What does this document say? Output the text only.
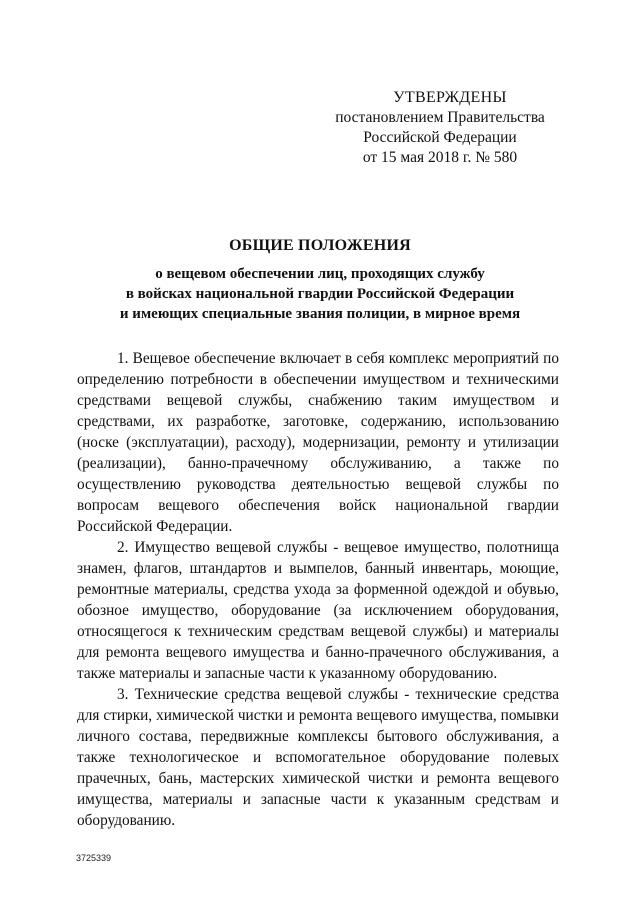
УТВЕРЖДЕНЫ
постановлением Правительства
Российской Федерации
от 15 мая 2018 г. № 580
ОБЩИЕ ПОЛОЖЕНИЯ
о вещевом обеспечении лиц, проходящих службу
в войсках национальной гвардии Российской Федерации
и имеющих специальные звания полиции, в мирное время

1. Вещевое обеспечение включает в себя комплекс мероприятий по определению потребности в обеспечении имуществом и техническими средствами вещевой службы, снабжению таким имуществом и средствами, их разработке, заготовке, содержанию, использованию (носке (эксплуатации), расходу), модернизации, ремонту и утилизации (реализации), банно-прачечному обслуживанию, а также по осуществлению руководства деятельностью вещевой службы по вопросам вещевого обеспечения войск национальной гвардии Российской Федерации.

2. Имущество вещевой службы - вещевое имущество, полотнища знамен, флагов, штандартов и вымпелов, банный инвентарь, моющие, ремонтные материалы, средства ухода за форменной одеждой и обувью, обозное имущество, оборудование (за исключением оборудования, относящегося к техническим средствам вещевой службы) и материалы для ремонта вещевого имущества и банно-прачечного обслуживания, а также материалы и запасные части к указанному оборудованию.

3. Технические средства вещевой службы - технические средства для стирки, химической чистки и ремонта вещевого имущества, помывки личного состава, передвижные комплексы бытового обслуживания, а также технологическое и вспомогательное оборудование полевых прачечных, бань, мастерских химической чистки и ремонта вещевого имущества, материалы и запасные части к указанным средствам и оборудованию.

3725339
